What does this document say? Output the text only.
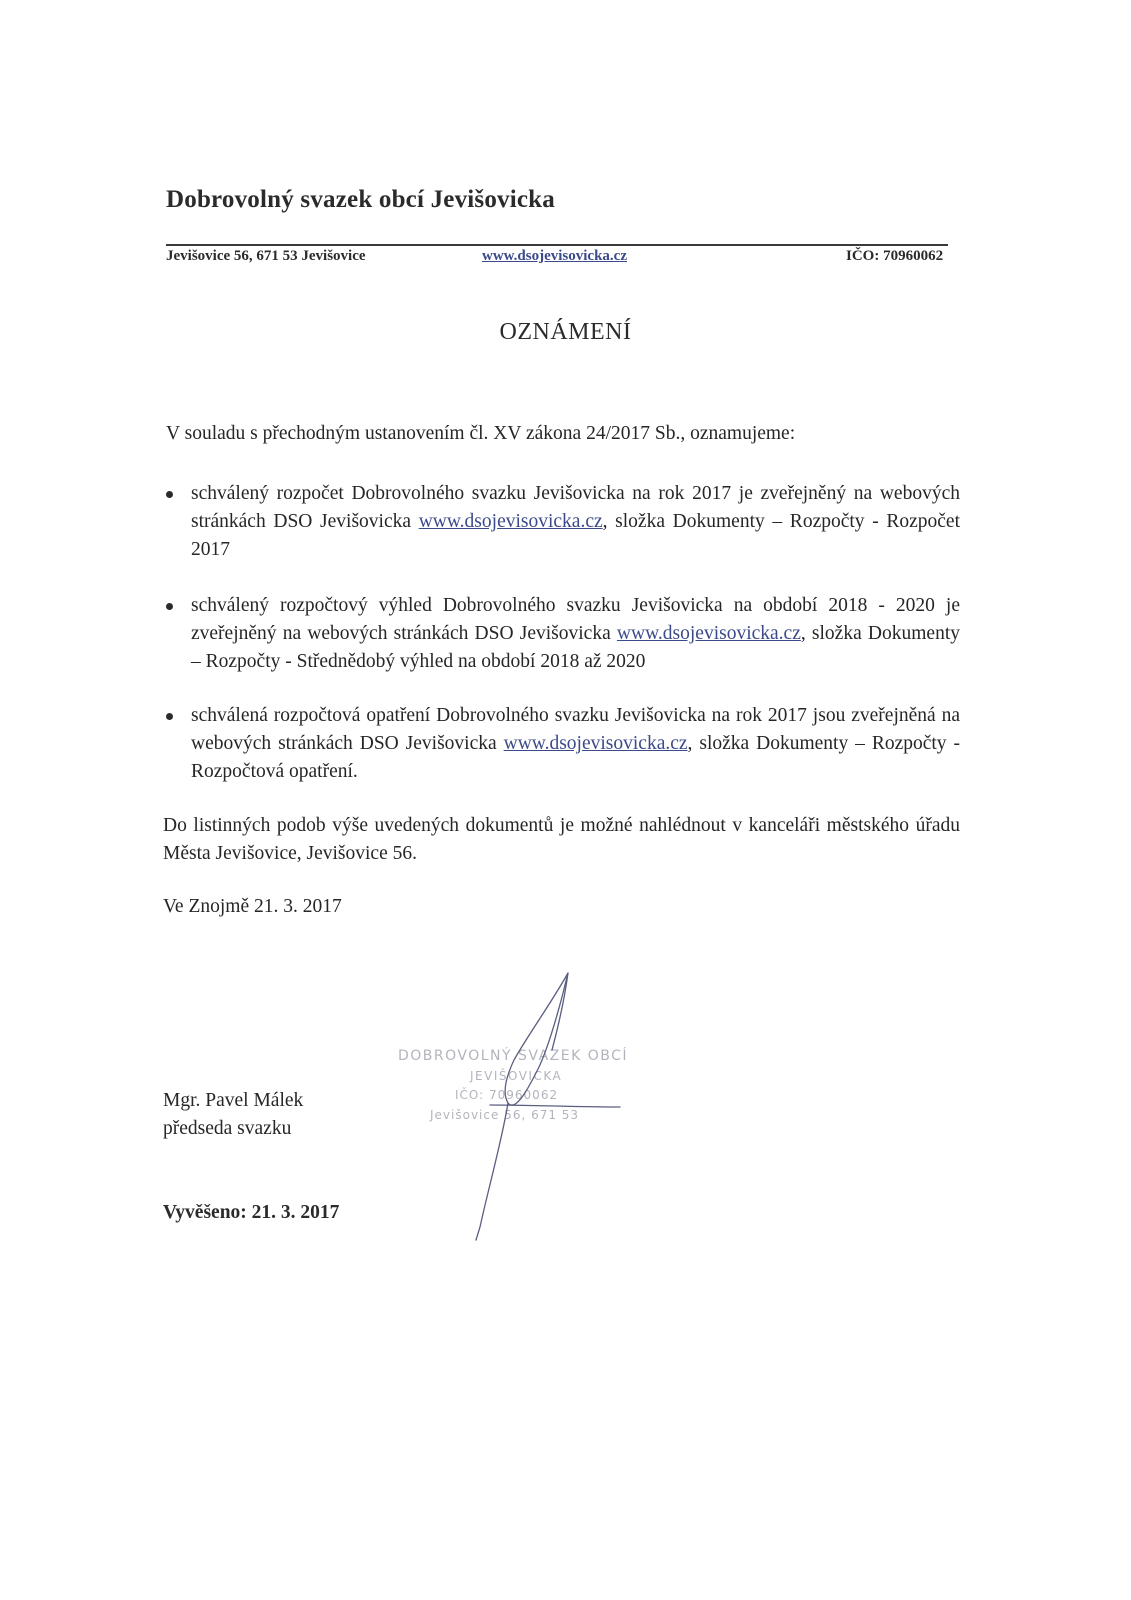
Dobrovolný svazek obcí Jevišovicka
Jevišovice 56, 671 53 Jevišovice	www.dsojevisovicka.cz	IČO: 70960062
OZNÁMENÍ
V souladu s přechodným ustanovením čl. XV zákona 24/2017 Sb., oznamujeme:
schválený rozpočet Dobrovolného svazku Jevišovicka na rok 2017 je zveřejněný na webových stránkách DSO Jevišovicka www.dsojevisovicka.cz, složka Dokumenty – Rozpočty - Rozpočet 2017
schválený rozpočtový výhled Dobrovolného svazku Jevišovicka na období 2018 - 2020 je zveřejněný na webových stránkách DSO Jevišovicka www.dsojevisovicka.cz, složka Dokumenty – Rozpočty - Střednědobý výhled na období 2018 až 2020
schválená rozpočtová opatření Dobrovolného svazku Jevišovicka na rok 2017 jsou zveřejněná na webových stránkách DSO Jevišovicka www.dsojevisovicka.cz, složka Dokumenty – Rozpočty - Rozpočtová opatření.
Do listinných podob výše uvedených dokumentů je možné nahlédnout v kanceláři městského úřadu Města Jevišovice, Jevišovice 56.
Ve Znojmě 21. 3. 2017
DOBROVOLNÝ SVAZEK OBCÍ
JEVIŠOVICKA
IČO: 70960062
Jevišovice 56, 671 53
Mgr. Pavel Málek
předseda svazku
Vyvěšeno: 21. 3. 2017
